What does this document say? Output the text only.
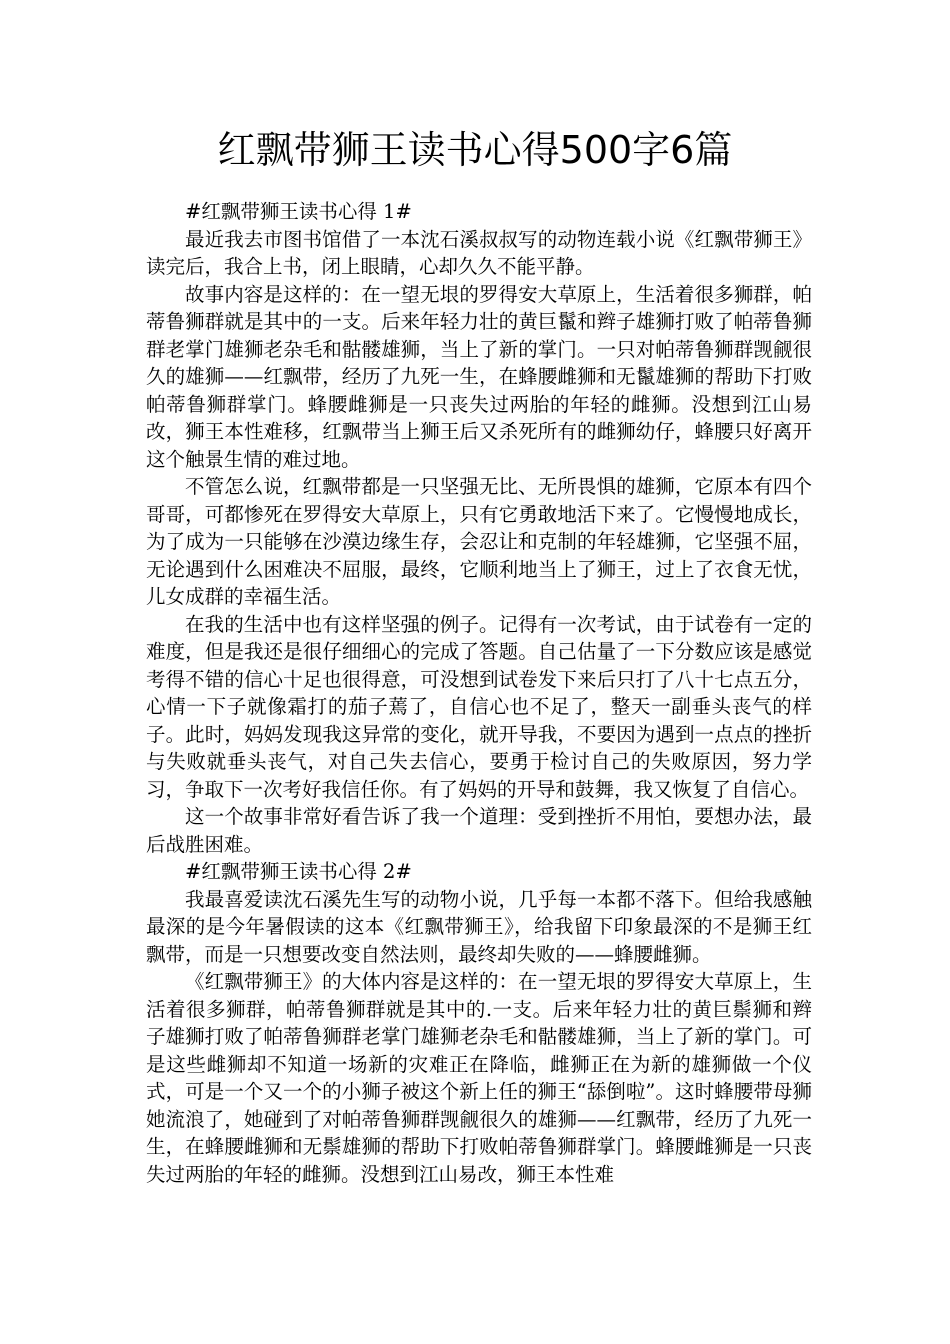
红飘带狮王读书心得500字6篇

#红飘带狮王读书心得 1#

最近我去市图书馆借了一本沈石溪叔叔写的动物连载小说《红飘带狮王》读完后，我合上书，闭上眼睛，心却久久不能平静。

故事内容是这样的：在一望无垠的罗得安大草原上，生活着很多狮群，帕蒂鲁狮群就是其中的一支。后来年轻力壮的黄巨鬣和辫子雄狮打败了帕蒂鲁狮群老掌门雄狮老杂毛和骷髅雄狮，当上了新的掌门。一只对帕蒂鲁狮群觊觎很久的雄狮——红飘带，经历了九死一生，在蜂腰雌狮和无鬣雄狮的帮助下打败帕蒂鲁狮群掌门。蜂腰雌狮是一只丧失过两胎的年轻的雌狮。没想到江山易改，狮王本性难移，红飘带当上狮王后又杀死所有的雌狮幼仔，蜂腰只好离开这个触景生情的难过地。

不管怎么说，红飘带都是一只坚强无比、无所畏惧的雄狮，它原本有四个哥哥，可都惨死在罗得安大草原上，只有它勇敢地活下来了。它慢慢地成长，为了成为一只能够在沙漠边缘生存，会忍让和克制的年轻雄狮，它坚强不屈，无论遇到什么困难决不屈服，最终，它顺利地当上了狮王，过上了衣食无忧，儿女成群的幸福生活。

在我的生活中也有这样坚强的例子。记得有一次考试，由于试卷有一定的难度，但是我还是很仔细细心的完成了答题。自己估量了一下分数应该是感觉考得不错的信心十足也很得意，可没想到试卷发下来后只打了八十七点五分，心情一下子就像霜打的茄子蔫了，自信心也不足了，整天一副垂头丧气的样子。此时，妈妈发现我这异常的变化，就开导我，不要因为遇到一点点的挫折与失败就垂头丧气，对自己失去信心，要勇于检讨自己的失败原因，努力学习，争取下一次考好我信任你。有了妈妈的开导和鼓舞，我又恢复了自信心。

这一个故事非常好看告诉了我一个道理：受到挫折不用怕，要想办法，最后战胜困难。

#红飘带狮王读书心得 2#

我最喜爱读沈石溪先生写的动物小说，几乎每一本都不落下。但给我感触最深的是今年暑假读的这本《红飘带狮王》，给我留下印象最深的不是狮王红飘带，而是一只想要改变自然法则，最终却失败的——蜂腰雌狮。

《红飘带狮王》的大体内容是这样的：在一望无垠的罗得安大草原上，生活着很多狮群，帕蒂鲁狮群就是其中的.一支。后来年轻力壮的黄巨鬃狮和辫子雄狮打败了帕蒂鲁狮群老掌门雄狮老杂毛和骷髅雄狮，当上了新的掌门。可是这些雌狮却不知道一场新的灾难正在降临，雌狮正在为新的雄狮做一个仪式，可是一个又一个的小狮子被这个新上任的狮王“舔倒啦”。这时蜂腰带母狮她流浪了，她碰到了对帕蒂鲁狮群觊觎很久的雄狮——红飘带，经历了九死一生，在蜂腰雌狮和无鬃雄狮的帮助下打败帕蒂鲁狮群掌门。蜂腰雌狮是一只丧失过两胎的年轻的雌狮。没想到江山易改，狮王本性难
